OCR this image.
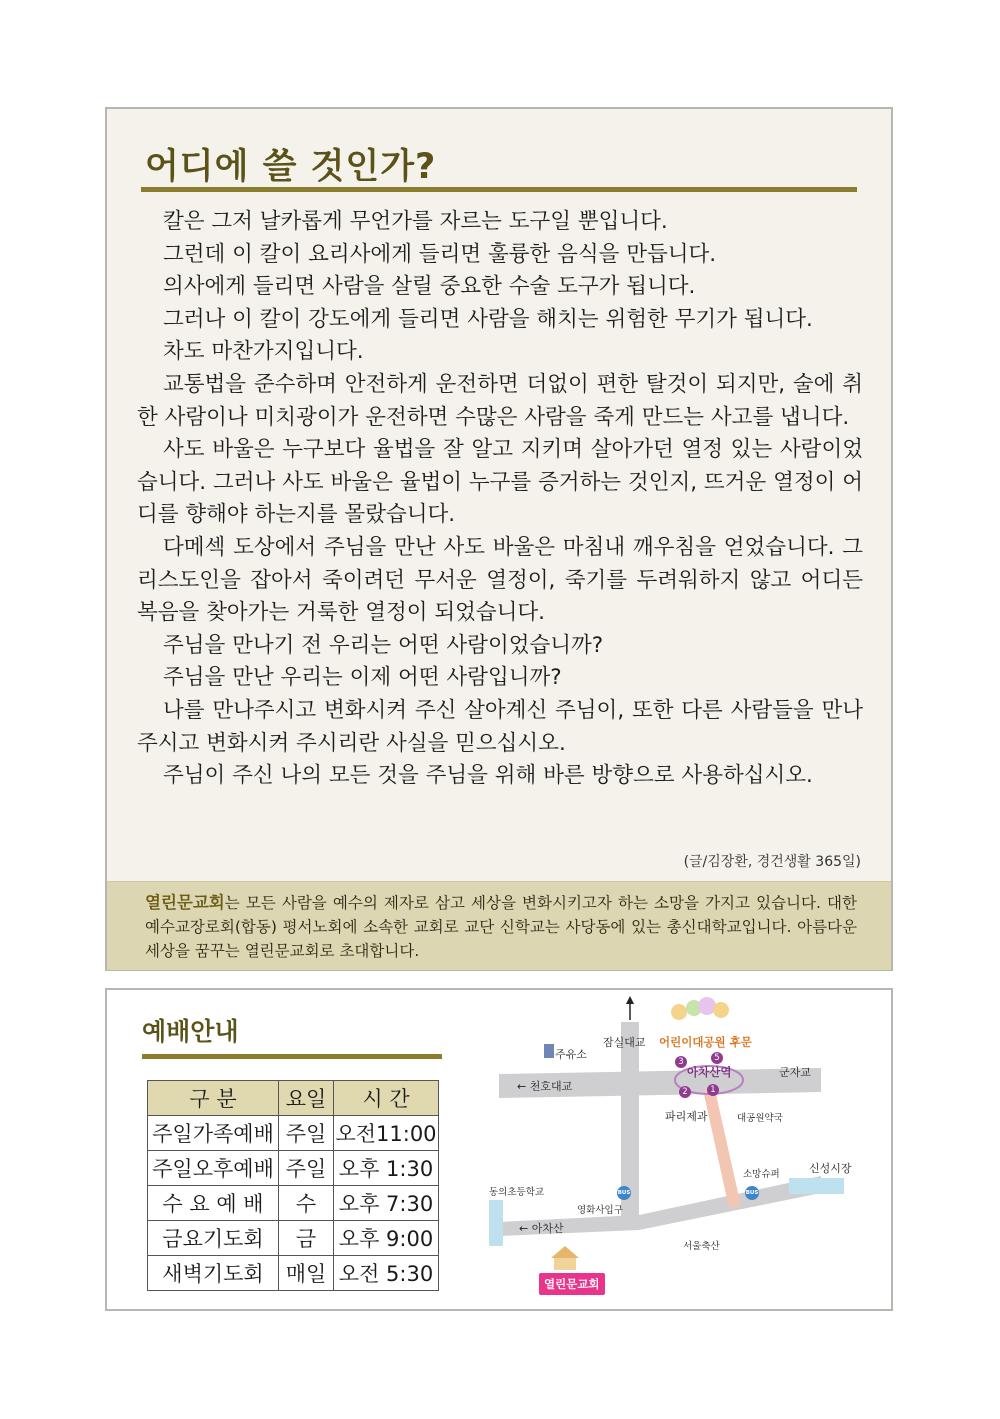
어디에 쓸 것인가?

칼은 그저 날카롭게 무언가를 자르는 도구일 뿐입니다.

그런데 이 칼이 요리사에게 들리면 훌륭한 음식을 만듭니다.

의사에게 들리면 사람을 살릴 중요한 수술 도구가 됩니다.

그러나 이 칼이 강도에게 들리면 사람을 해치는 위험한 무기가 됩니다.

차도 마찬가지입니다.

교통법을 준수하며 안전하게 운전하면 더없이 편한 탈것이 되지만, 술에 취한 사람이나 미치광이가 운전하면 수많은 사람을 죽게 만드는 사고를 냅니다.

사도 바울은 누구보다 율법을 잘 알고 지키며 살아가던 열정 있는 사람이었습니다. 그러나 사도 바울은 율법이 누구를 증거하는 것인지, 뜨거운 열정이 어디를 향해야 하는지를 몰랐습니다.

다메섹 도상에서 주님을 만난 사도 바울은 마침내 깨우침을 얻었습니다. 그리스도인을 잡아서 죽이려던 무서운 열정이, 죽기를 두려워하지 않고 어디든 복음을 찾아가는 거룩한 열정이 되었습니다.

주님을 만나기 전 우리는 어떤 사람이었습니까?

주님을 만난 우리는 이제 어떤 사람입니까?

나를 만나주시고 변화시켜 주신 살아계신 주님이, 또한 다른 사람들을 만나주시고 변화시켜 주시리란 사실을 믿으십시오.

주님이 주신 나의 모든 것을 주님을 위해 바른 방향으로 사용하십시오.

(글/김장환, 경건생활 365일)

열린문교회는 모든 사람을 예수의 제자로 삼고 세상을 변화시키고자 하는 소망을 가지고 있습니다. 대한예수교장로회(합동) 평서노회에 소속한 교회로 교단 신학교는 사당동에 있는 총신대학교입니다. 아름다운 세상을 꿈꾸는 열린문교회로 초대합니다.

예배안내
구 분	요일	시 간
주일가족예배	주일	오전11:00
주일오후예배	주일	오후 1:30
수 요 예 배	수	오후 7:30
금요기도회	금	오후 9:00
새벽기도회	매일	오전 5:30
잠실대교 어린이대공원 후문
주유소
아차산역	군자교
← 천호대교
파리제과	대공원약국
소망슈퍼	신성시장
동의초등학교
영화사입구
← 아차산
서울축산
3	5
2	1
BUS	BUS
열린문교회
